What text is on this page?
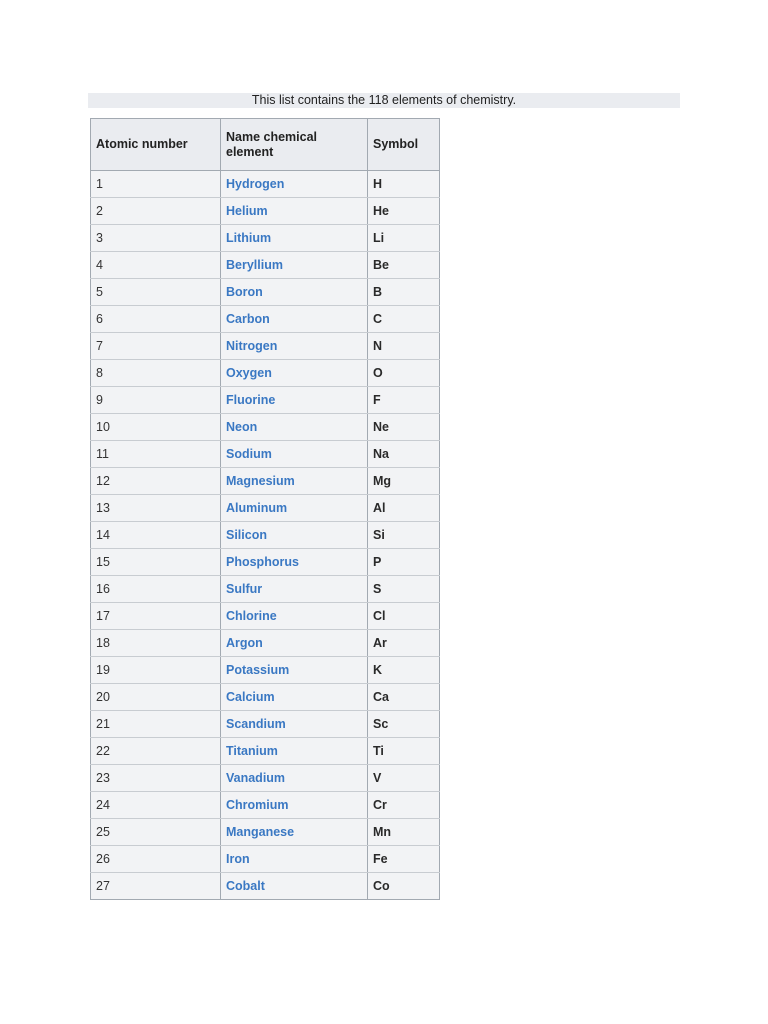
This list contains the 118 elements of chemistry.
Atomic number	Name chemical element	Symbol
1	Hydrogen	H
2	Helium	He
3	Lithium	Li
4	Beryllium	Be
5	Boron	B
6	Carbon	C
7	Nitrogen	N
8	Oxygen	O
9	Fluorine	F
10	Neon	Ne
11	Sodium	Na
12	Magnesium	Mg
13	Aluminum	Al
14	Silicon	Si
15	Phosphorus	P
16	Sulfur	S
17	Chlorine	Cl
18	Argon	Ar
19	Potassium	K
20	Calcium	Ca
21	Scandium	Sc
22	Titanium	Ti
23	Vanadium	V
24	Chromium	Cr
25	Manganese	Mn
26	Iron	Fe
27	Cobalt	Co
